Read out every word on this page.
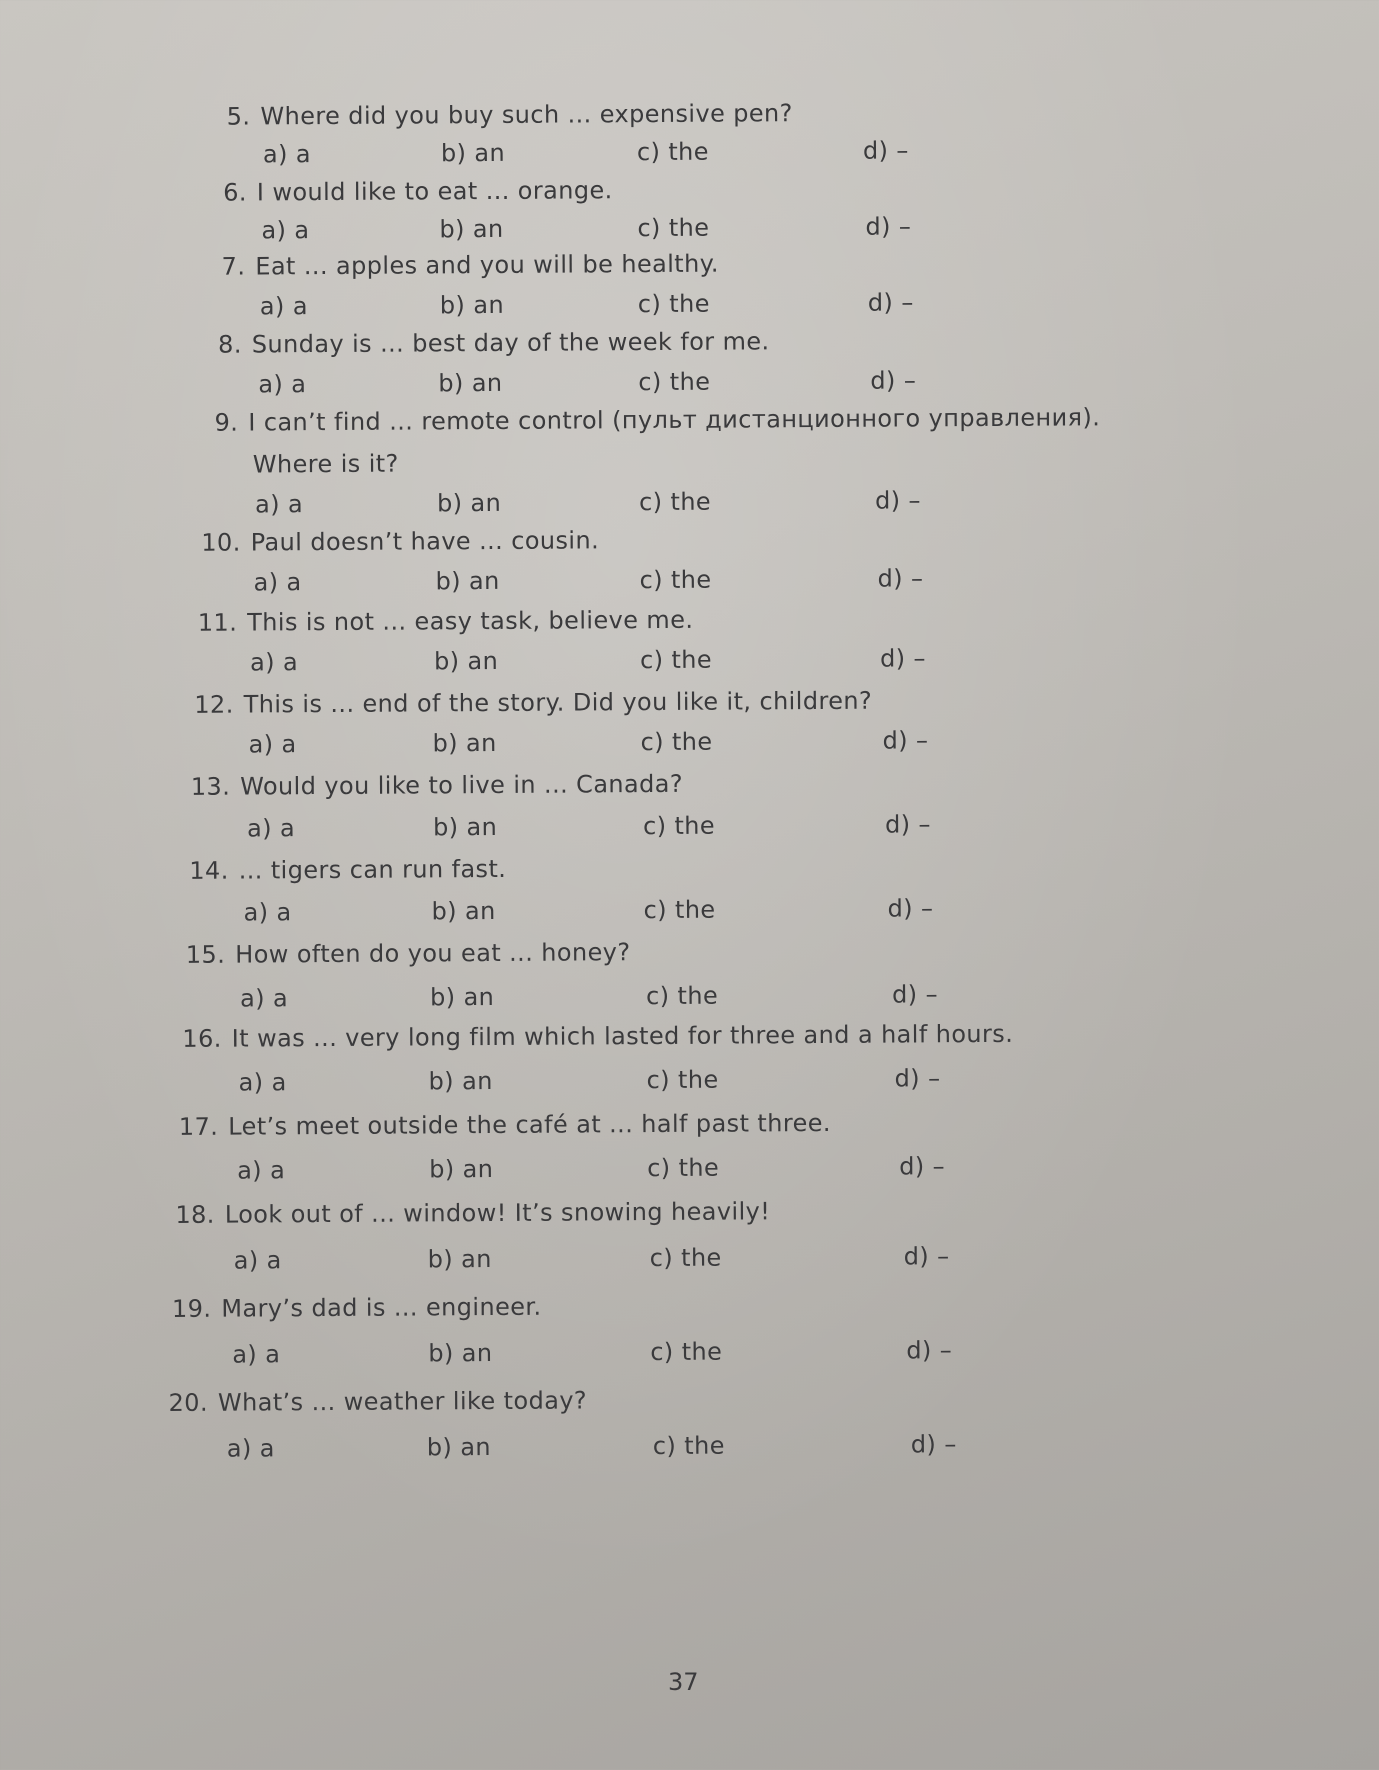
5. Where did you buy such ... expensive pen?
a) a	b) an	c) the	d) –
6. I would like to eat ... orange.
a) a	b) an	c) the	d) –
7. Eat ... apples and you will be healthy.
a) a	b) an	c) the	d) –
8. Sunday is ... best day of the week for me.
a) a	b) an	c) the	d) –
9. I can’t find ... remote control (пульт дистанционного управления).
Where is it?
a) a	b) an	c) the	d) –
10. Paul doesn’t have ... cousin.
a) a	b) an	c) the	d) –
11. This is not ... easy task, believe me.
a) a	b) an	c) the	d) –
12. This is ... end of the story. Did you like it, children?
a) a	b) an	c) the	d) –
13. Would you like to live in ... Canada?
a) a	b) an	c) the	d) –
14. ... tigers can run fast.
a) a	b) an	c) the	d) –
15. How often do you eat ... honey?
a) a	b) an	c) the	d) –
16. It was ... very long film which lasted for three and a half hours.
a) a	b) an	c) the	d) –
17. Let’s meet outside the café at ... half past three.
a) a	b) an	c) the	d) –
18. Look out of ... window! It’s snowing heavily!
a) a	b) an	c) the	d) –
19. Mary’s dad is ... engineer.
a) a	b) an	c) the	d) –
20. What’s ... weather like today?
a) a	b) an	c) the	d) –
37
